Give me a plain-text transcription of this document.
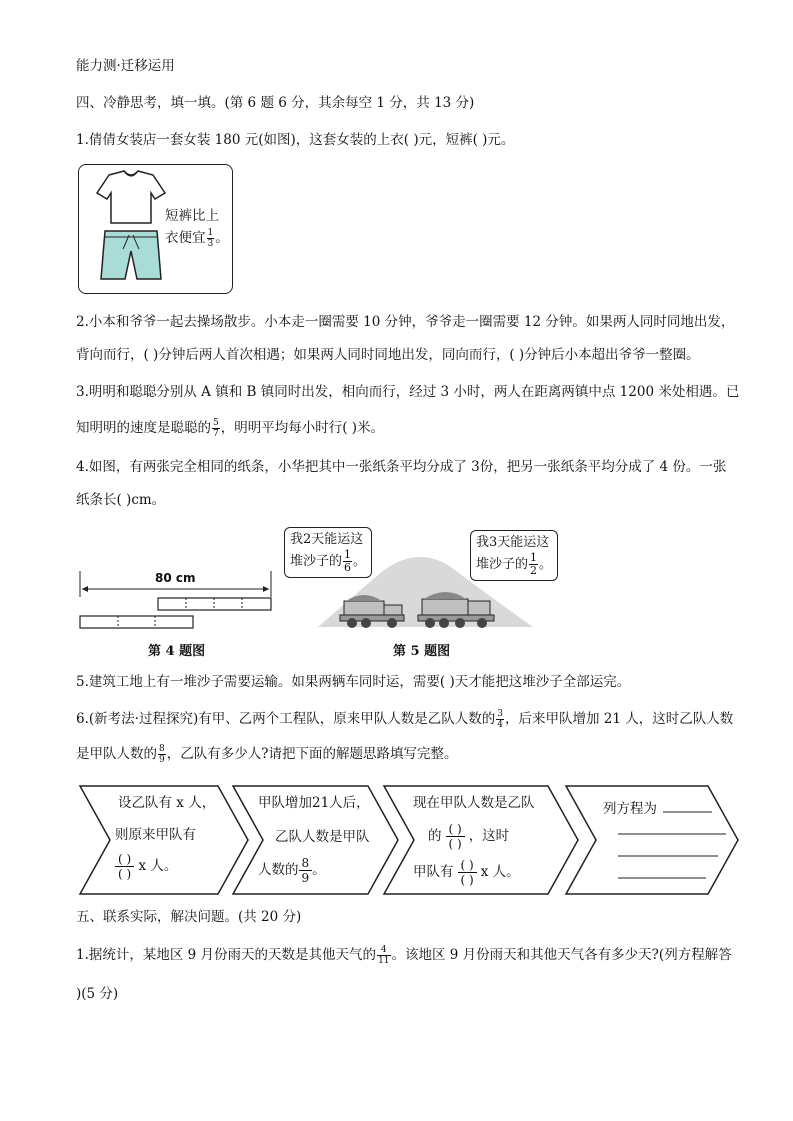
能力测·迁移运用
四、冷静思考，填一填。(第 6 题 6 分，其余每空 1 分，共 13 分)
1.倩倩女装店一套女装 180 元(如图)，这套女装的上衣( )元，短裤( )元。
短裤比上
衣便宜 $\frac{1}{3}$ 。
2.小本和爷爷一起去操场散步。小本走一圈需要 10 分钟，爷爷走一圈需要 12 分钟。如果两人同时同地出发，
背向而行，( )分钟后两人首次相遇；如果两人同时同地出发，同向而行，( )分钟后小本超出爷爷一整圈。
3.明明和聪聪分别从 A 镇和 B 镇同时出发，相向而行，经过 3 小时，两人在距离两镇中点 1200 米处相遇。已
知明明的速度是聪聪的 $\frac{5}{7}$ ，明明平均每小时行( )米。
4.如图，有两张完全相同的纸条，小华把其中一张纸条平均分成了 3份，把另一张纸条平均分成了 4 份。一张
纸条长( )cm。
80 cm
第 4 题图
我2天能运这
堆沙子的 $\frac{1}{6}$ 。
我3天能运这
堆沙子的 $\frac{1}{2}$ 。
第 5 题图
5.建筑工地上有一堆沙子需要运输。如果两辆车同时运，需要( )天才能把这堆沙子全部运完。
6.(新考法·过程探究)有甲、乙两个工程队，原来甲队人数是乙队人数的 $\frac{3}{4}$ ，后来甲队增加 21 人，这时乙队人数
是甲队人数的 $\frac{8}{9}$ ，乙队有多少人?请把下面的解题思路填写完整。
设乙队有 x 人，
则原来甲队有
$\frac{( )}{( )}$ x 人。
甲队增加21人后，
乙队人数是甲队
人数的 $\frac{8}{9}$ 。
现在甲队人数是乙队
的 $\frac{( )}{( )}$ ，这时
甲队有 $\frac{( )}{( )}$ x 人。
列方程为
五、联系实际，解决问题。(共 20 分)
1.据统计，某地区 9 月份雨天的天数是其他天气的 $\frac{4}{11}$ 。该地区 9 月份雨天和其他天气各有多少天?(列方程解答
)(5 分)
